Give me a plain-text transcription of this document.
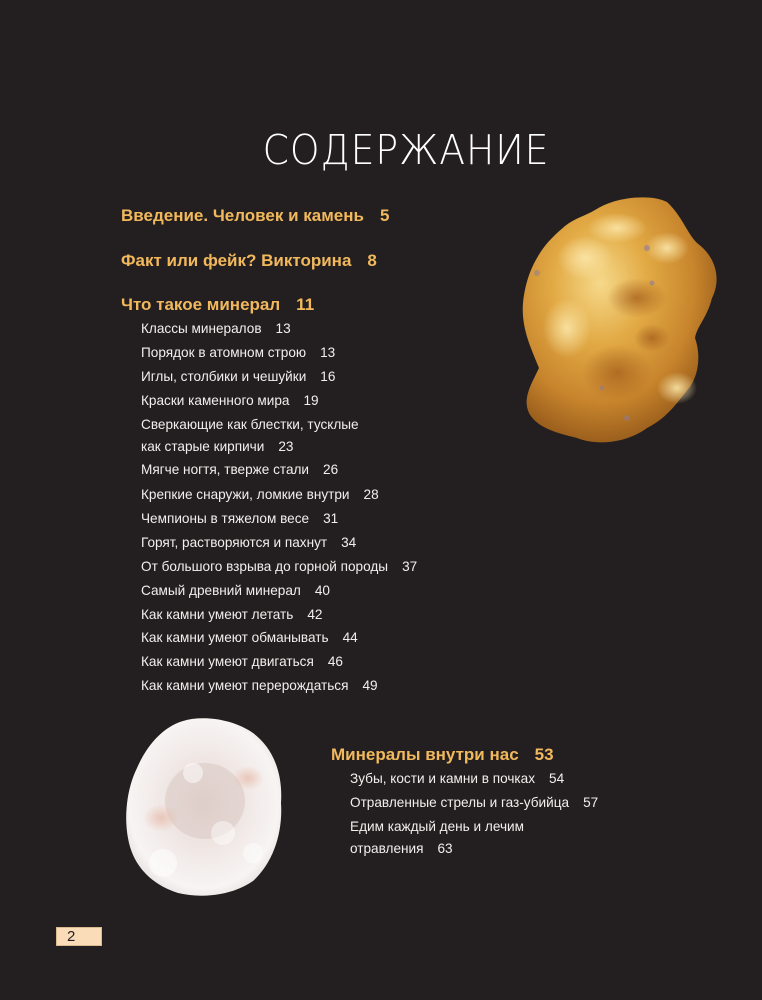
СОДЕРЖАНИЕ
Введение. Человек и камень 5
Факт или фейк? Викторина 8
Что такое минерал 11
Классы минералов 13
Порядок в атомном строю 13
Иглы, столбики и чешуйки 16
Краски каменного мира 19
Сверкающие как блестки, тусклые
как старые кирпичи 23
Мягче ногтя, тверже стали 26
Крепкие снаружи, ломкие внутри 28
Чемпионы в тяжелом весе 31
Горят, растворяются и пахнут 34
От большого взрыва до горной породы 37
Самый древний минерал 40
Как камни умеют летать 42
Как камни умеют обманывать 44
Как камни умеют двигаться 46
Как камни умеют перерождаться 49
Минералы внутри нас 53
Зубы, кости и камни в почках 54
Отравленные стрелы и газ-убийца 57
Едим каждый день и лечим
отравления 63
2
